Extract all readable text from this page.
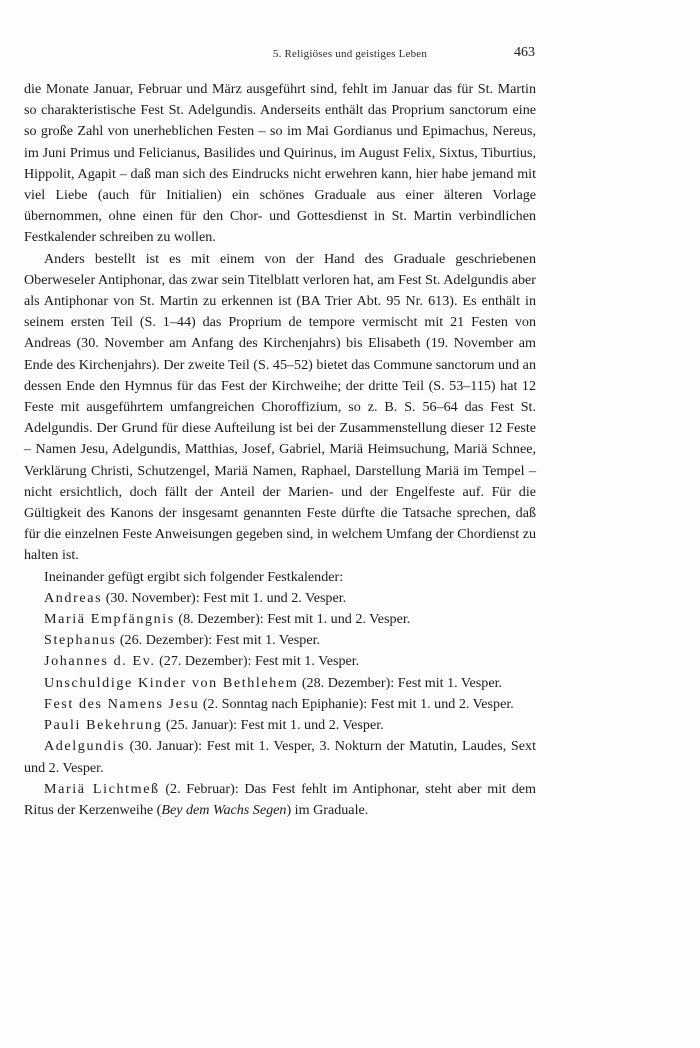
5. Religiöses und geistiges Leben	463

die Monate Januar, Februar und März ausgeführt sind, fehlt im Januar das für St. Martin so charakteristische Fest St. Adelgundis. Anderseits enthält das Proprium sanctorum eine so große Zahl von unerheblichen Festen – so im Mai Gordianus und Epimachus, Nereus, im Juni Primus und Felicianus, Basilides und Quirinus, im August Felix, Sixtus, Tiburtius, Hippolit, Agapit – daß man sich des Eindrucks nicht erwehren kann, hier habe jemand mit viel Liebe (auch für Initialien) ein schönes Graduale aus einer älteren Vorlage übernommen, ohne einen für den Chor- und Gottesdienst in St. Martin verbindlichen Festkalender schreiben zu wollen.

Anders bestellt ist es mit einem von der Hand des Graduale geschriebenen Oberweseler Antiphonar, das zwar sein Titelblatt verloren hat, am Fest St. Adelgundis aber als Antiphonar von St. Martin zu erkennen ist (BA Trier Abt. 95 Nr. 613). Es enthält in seinem ersten Teil (S. 1–44) das Proprium de tempore vermischt mit 21 Festen von Andreas (30. November am Anfang des Kirchenjahrs) bis Elisabeth (19. November am Ende des Kirchenjahrs). Der zweite Teil (S. 45–52) bietet das Commune sanctorum und an dessen Ende den Hymnus für das Fest der Kirchweihe; der dritte Teil (S. 53–115) hat 12 Feste mit ausgeführtem umfangreichen Choroffizium, so z. B. S. 56–64 das Fest St. Adelgundis. Der Grund für diese Aufteilung ist bei der Zusammenstellung dieser 12 Feste – Namen Jesu, Adelgundis, Matthias, Josef, Gabriel, Mariä Heimsuchung, Mariä Schnee, Verklärung Christi, Schutzengel, Mariä Namen, Raphael, Darstellung Mariä im Tempel – nicht ersichtlich, doch fällt der Anteil der Marien- und der Engelfeste auf. Für die Gültigkeit des Kanons der insgesamt genannten Feste dürfte die Tatsache sprechen, daß für die einzelnen Feste Anweisungen gegeben sind, in welchem Umfang der Chordienst zu halten ist.

Ineinander gefügt ergibt sich folgender Festkalender:

Andreas (30. November): Fest mit 1. und 2. Vesper.

Mariä Empfängnis (8. Dezember): Fest mit 1. und 2. Vesper.

Stephanus (26. Dezember): Fest mit 1. Vesper.

Johannes d. Ev. (27. Dezember): Fest mit 1. Vesper.

Unschuldige Kinder von Bethlehem (28. Dezember): Fest mit 1. Vesper.

Fest des Namens Jesu (2. Sonntag nach Epiphanie): Fest mit 1. und 2. Vesper.

Pauli Bekehrung (25. Januar): Fest mit 1. und 2. Vesper.

Adelgundis (30. Januar): Fest mit 1. Vesper, 3. Nokturn der Matutin, Laudes, Sext und 2. Vesper.

Mariä Lichtmeß (2. Februar): Das Fest fehlt im Antiphonar, steht aber mit dem Ritus der Kerzenweihe (Bey dem Wachs Segen) im Graduale.
